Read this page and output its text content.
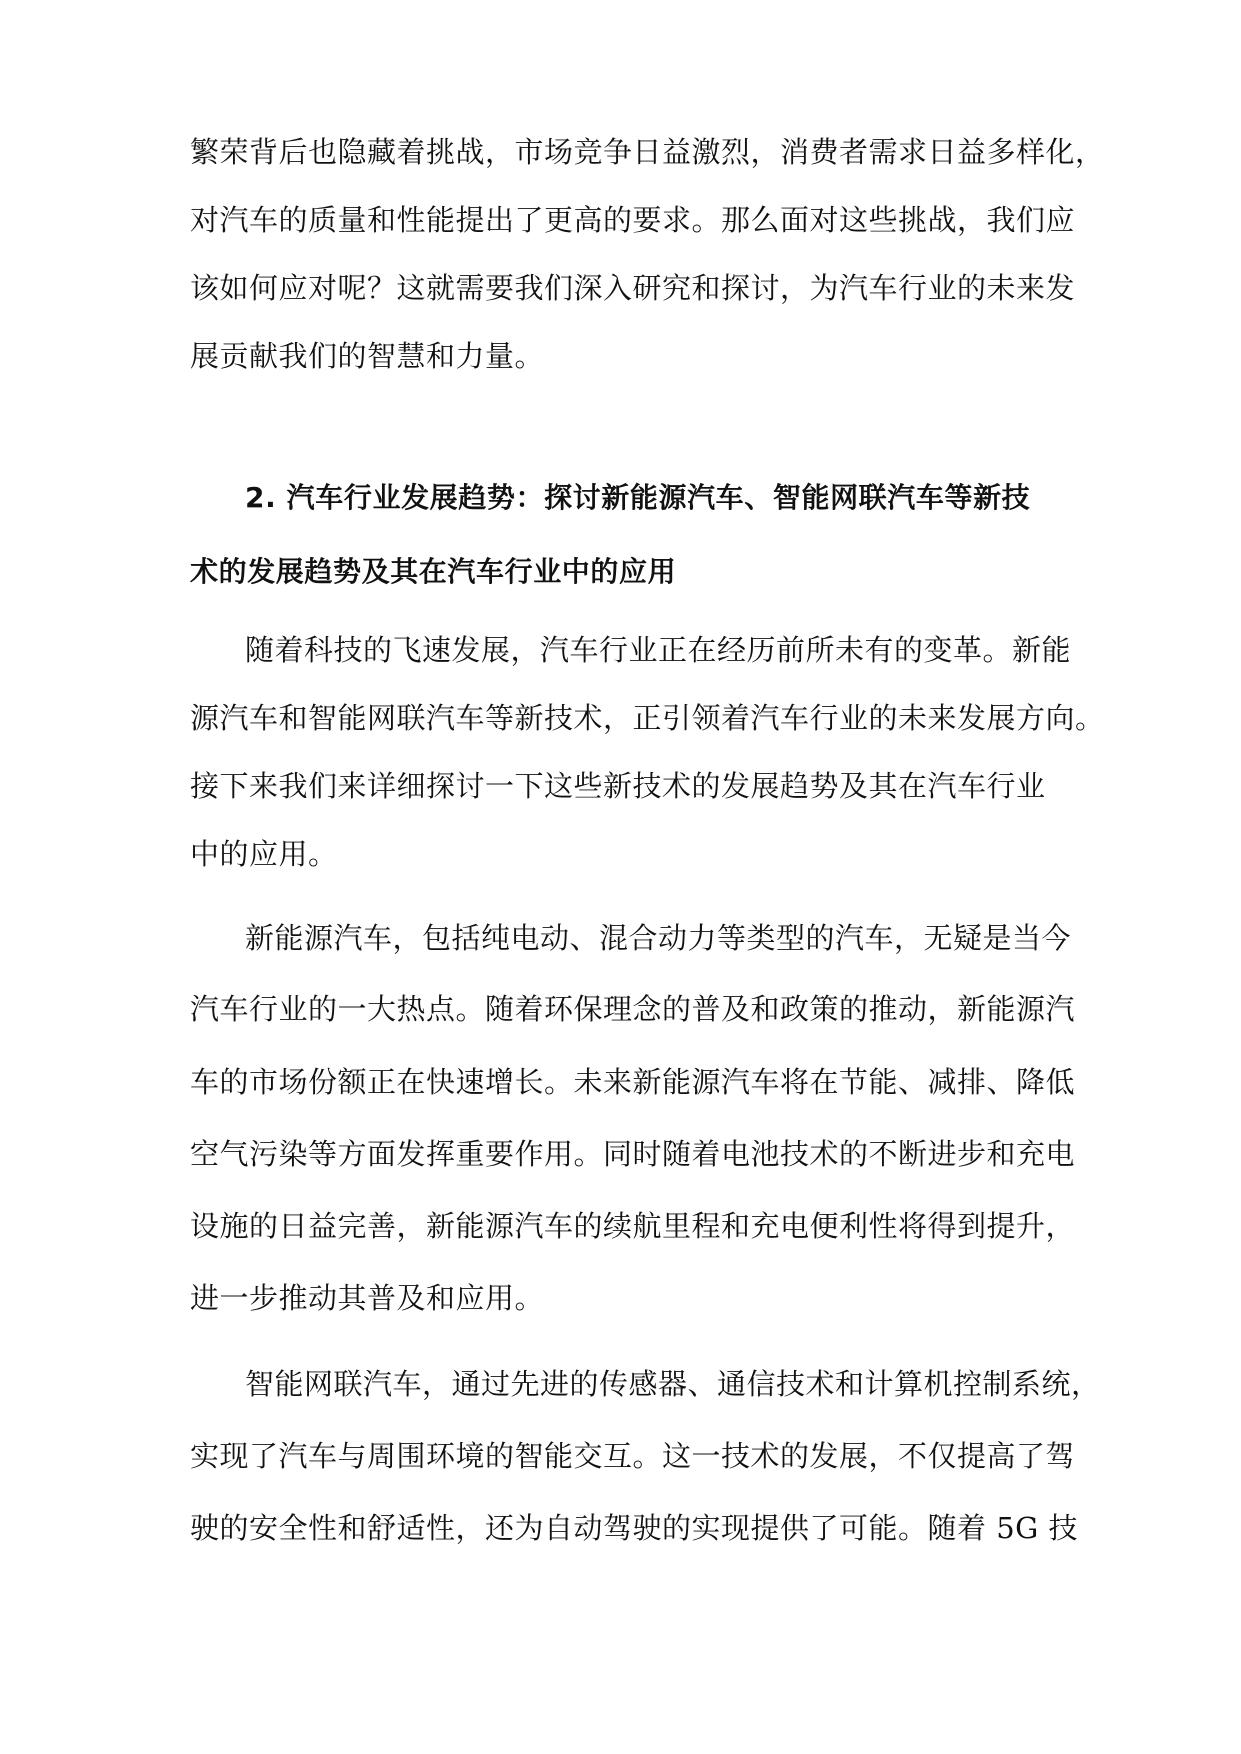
繁荣背后也隐藏着挑战，市场竞争日益激烈，消费者需求日益多样化，
对汽车的质量和性能提出了更高的要求。那么面对这些挑战，我们应
该如何应对呢？这就需要我们深入研究和探讨，为汽车行业的未来发
展贡献我们的智慧和力量。
2. 汽车行业发展趋势：探讨新能源汽车、智能网联汽车等新技
术的发展趋势及其在汽车行业中的应用
随着科技的飞速发展，汽车行业正在经历前所未有的变革。新能
源汽车和智能网联汽车等新技术，正引领着汽车行业的未来发展方向。
接下来我们来详细探讨一下这些新技术的发展趋势及其在汽车行业
中的应用。
新能源汽车，包括纯电动、混合动力等类型的汽车，无疑是当今
汽车行业的一大热点。随着环保理念的普及和政策的推动，新能源汽
车的市场份额正在快速增长。未来新能源汽车将在节能、减排、降低
空气污染等方面发挥重要作用。同时随着电池技术的不断进步和充电
设施的日益完善，新能源汽车的续航里程和充电便利性将得到提升，
进一步推动其普及和应用。
智能网联汽车，通过先进的传感器、通信技术和计算机控制系统，
实现了汽车与周围环境的智能交互。这一技术的发展，不仅提高了驾
驶的安全性和舒适性，还为自动驾驶的实现提供了可能。随着 5G 技
